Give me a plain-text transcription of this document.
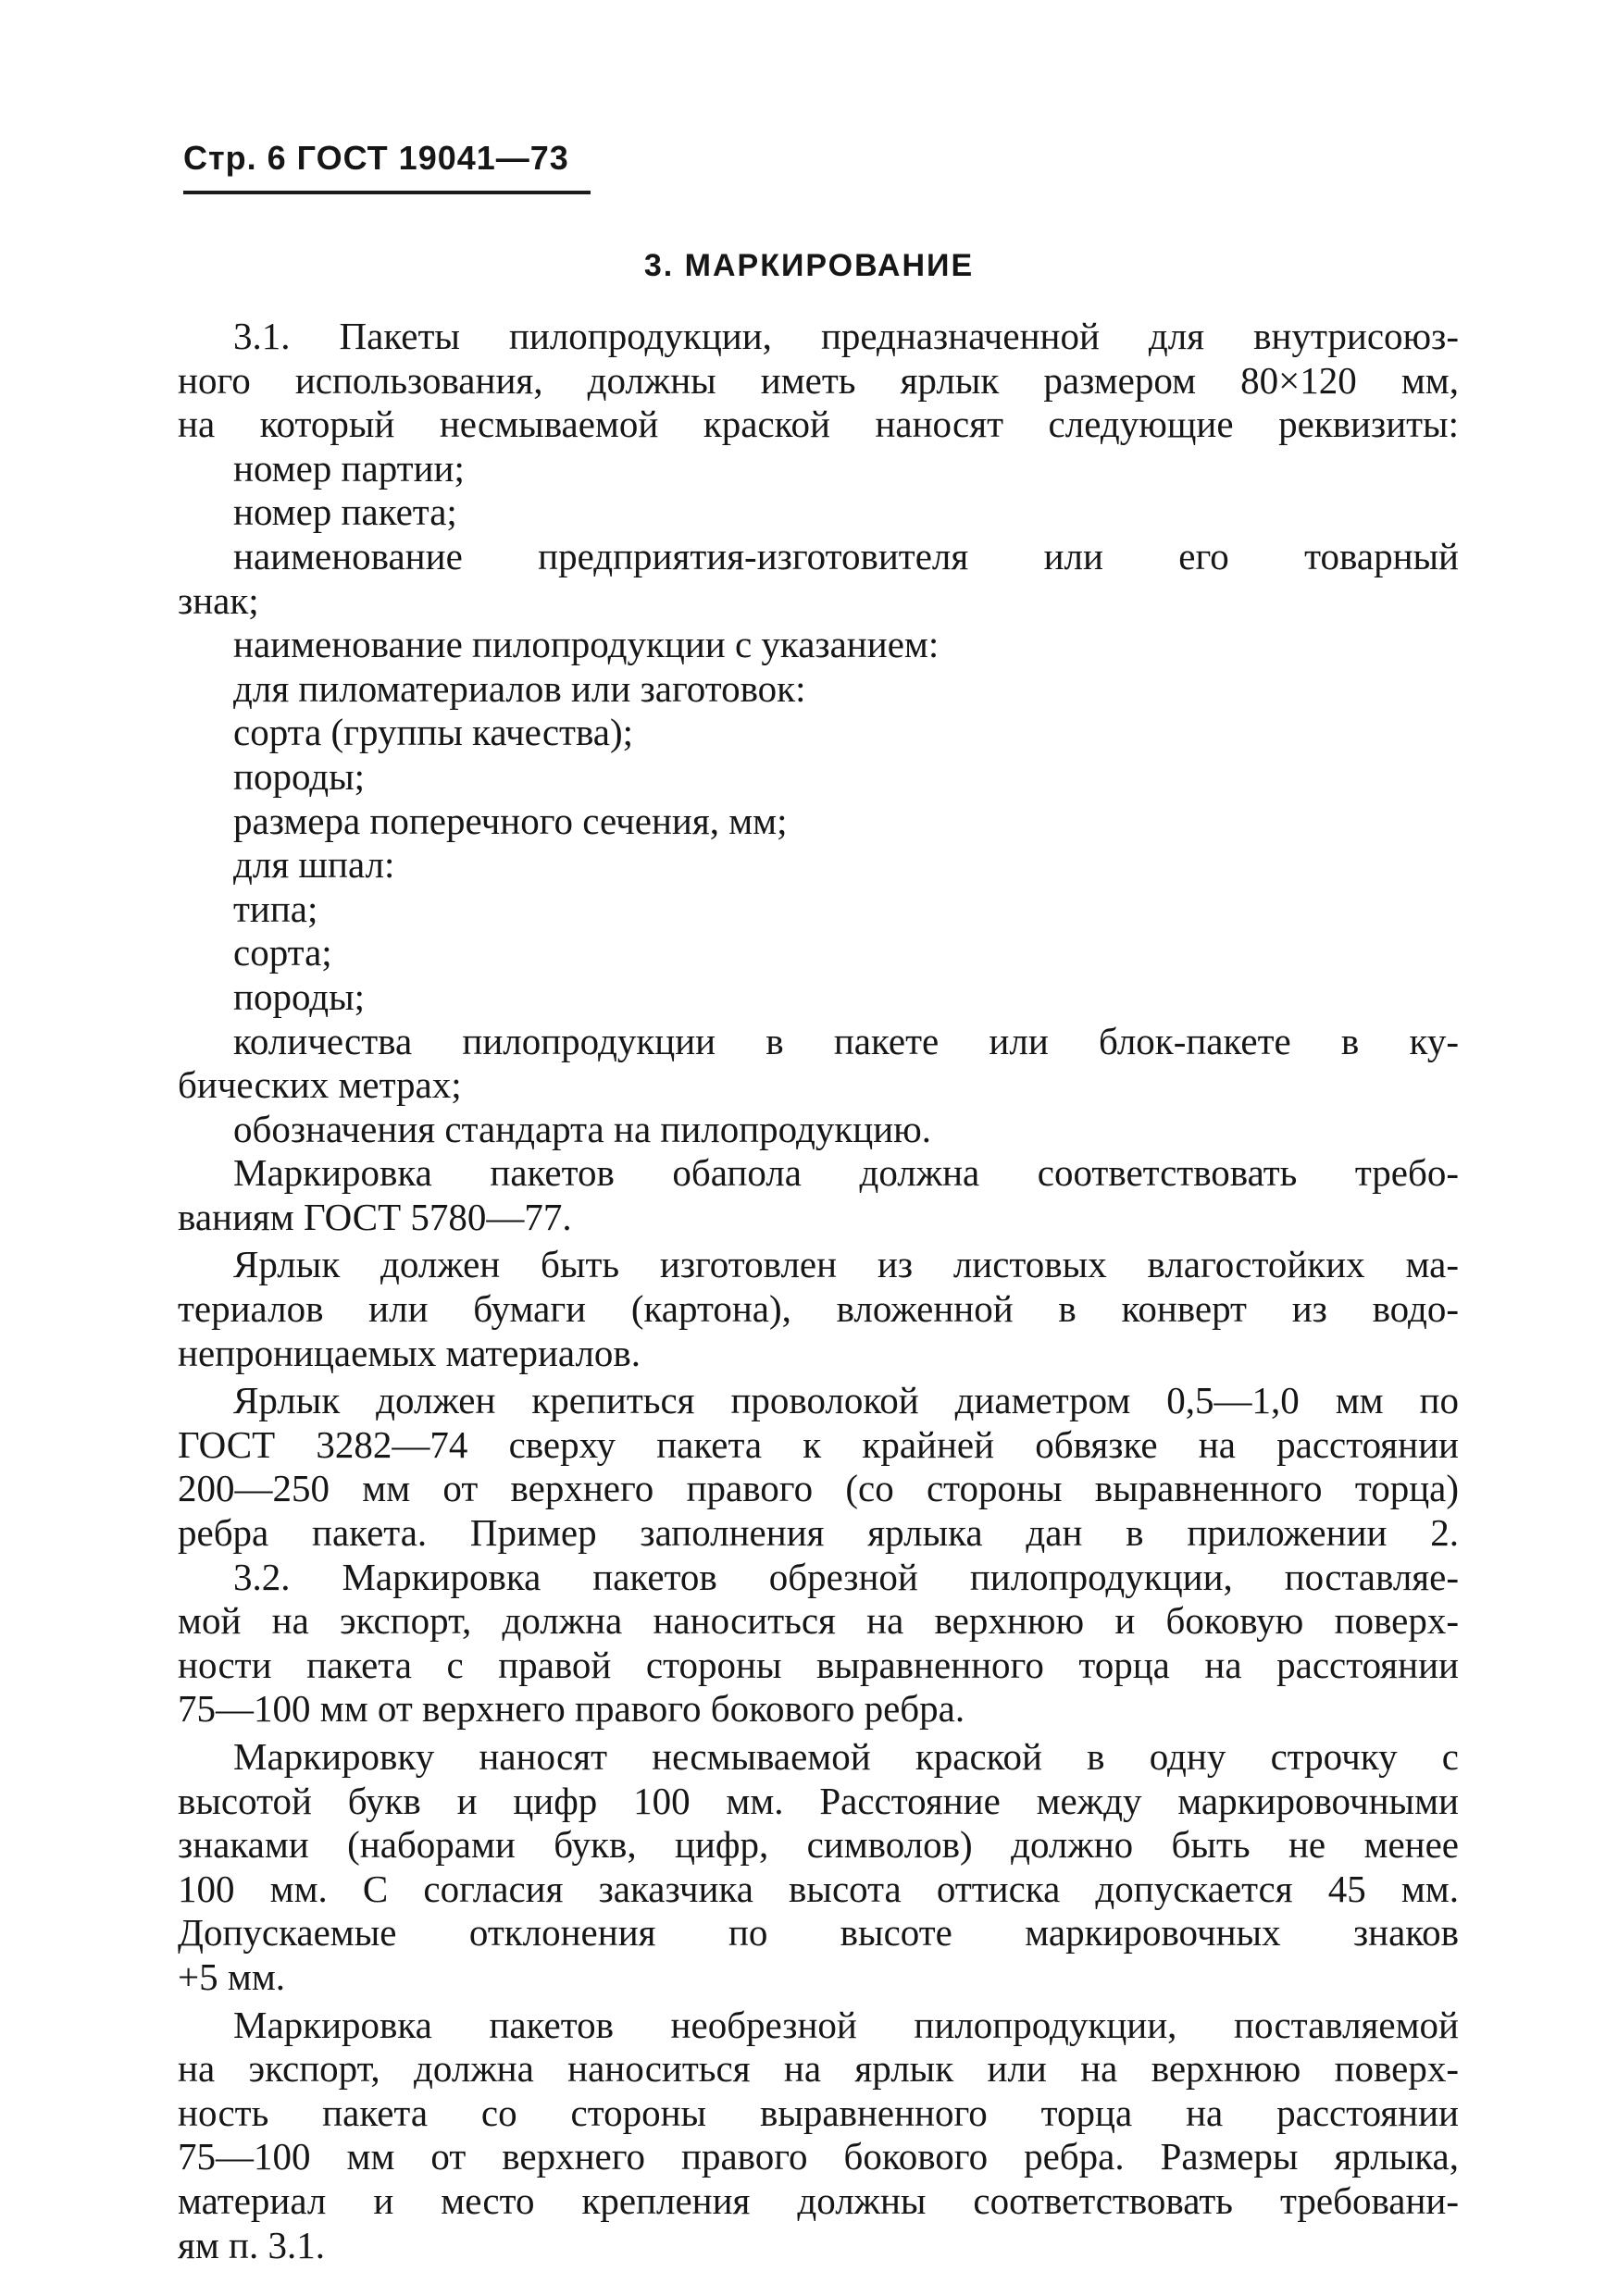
Стр. 6 ГОСТ 19041—73
3. МАРКИРОВАНИЕ
3.1. Пакеты пилопродукции, предназначенной для внутрисоюз-
ного использования, должны иметь ярлык размером 80×120 мм,
на который несмываемой краской наносят следующие реквизиты:
номер партии;
номер пакета;
наименование предприятия-изготовителя или его товарный
знак;
наименование пилопродукции с указанием:
для пиломатериалов или заготовок:
сорта (группы качества);
породы;
размера поперечного сечения, мм;
для шпал:
типа;
сорта;
породы;
количества пилопродукции в пакете или блок-пакете в ку-
бических метрах;
обозначения стандарта на пилопродукцию.
Маркировка пакетов обапола должна соответствовать требо-
ваниям ГОСТ 5780—77.
Ярлык должен быть изготовлен из листовых влагостойких ма-
териалов или бумаги (картона), вложенной в конверт из водо-
непроницаемых материалов.
Ярлык должен крепиться проволокой диаметром 0,5—1,0 мм по
ГОСТ 3282—74 сверху пакета к крайней обвязке на расстоянии
200—250 мм от верхнего правого (со стороны выравненного торца)
ребра пакета. Пример заполнения ярлыка дан в приложении 2.
3.2. Маркировка пакетов обрезной пилопродукции, поставляе-
мой на экспорт, должна наноситься на верхнюю и боковую поверх-
ности пакета с правой стороны выравненного торца на расстоянии
75—100 мм от верхнего правого бокового ребра.
Маркировку наносят несмываемой краской в одну строчку с
высотой букв и цифр 100 мм. Расстояние между маркировочными
знаками (наборами букв, цифр, символов) должно быть не менее
100 мм. С согласия заказчика высота оттиска допускается 45 мм.
Допускаемые отклонения по высоте маркировочных знаков
+5 мм.
Маркировка пакетов необрезной пилопродукции, поставляемой
на экспорт, должна наноситься на ярлык или на верхнюю поверх-
ность пакета со стороны выравненного торца на расстоянии
75—100 мм от верхнего правого бокового ребра. Размеры ярлыка,
материал и место крепления должны соответствовать требовани-
ям п. 3.1.
